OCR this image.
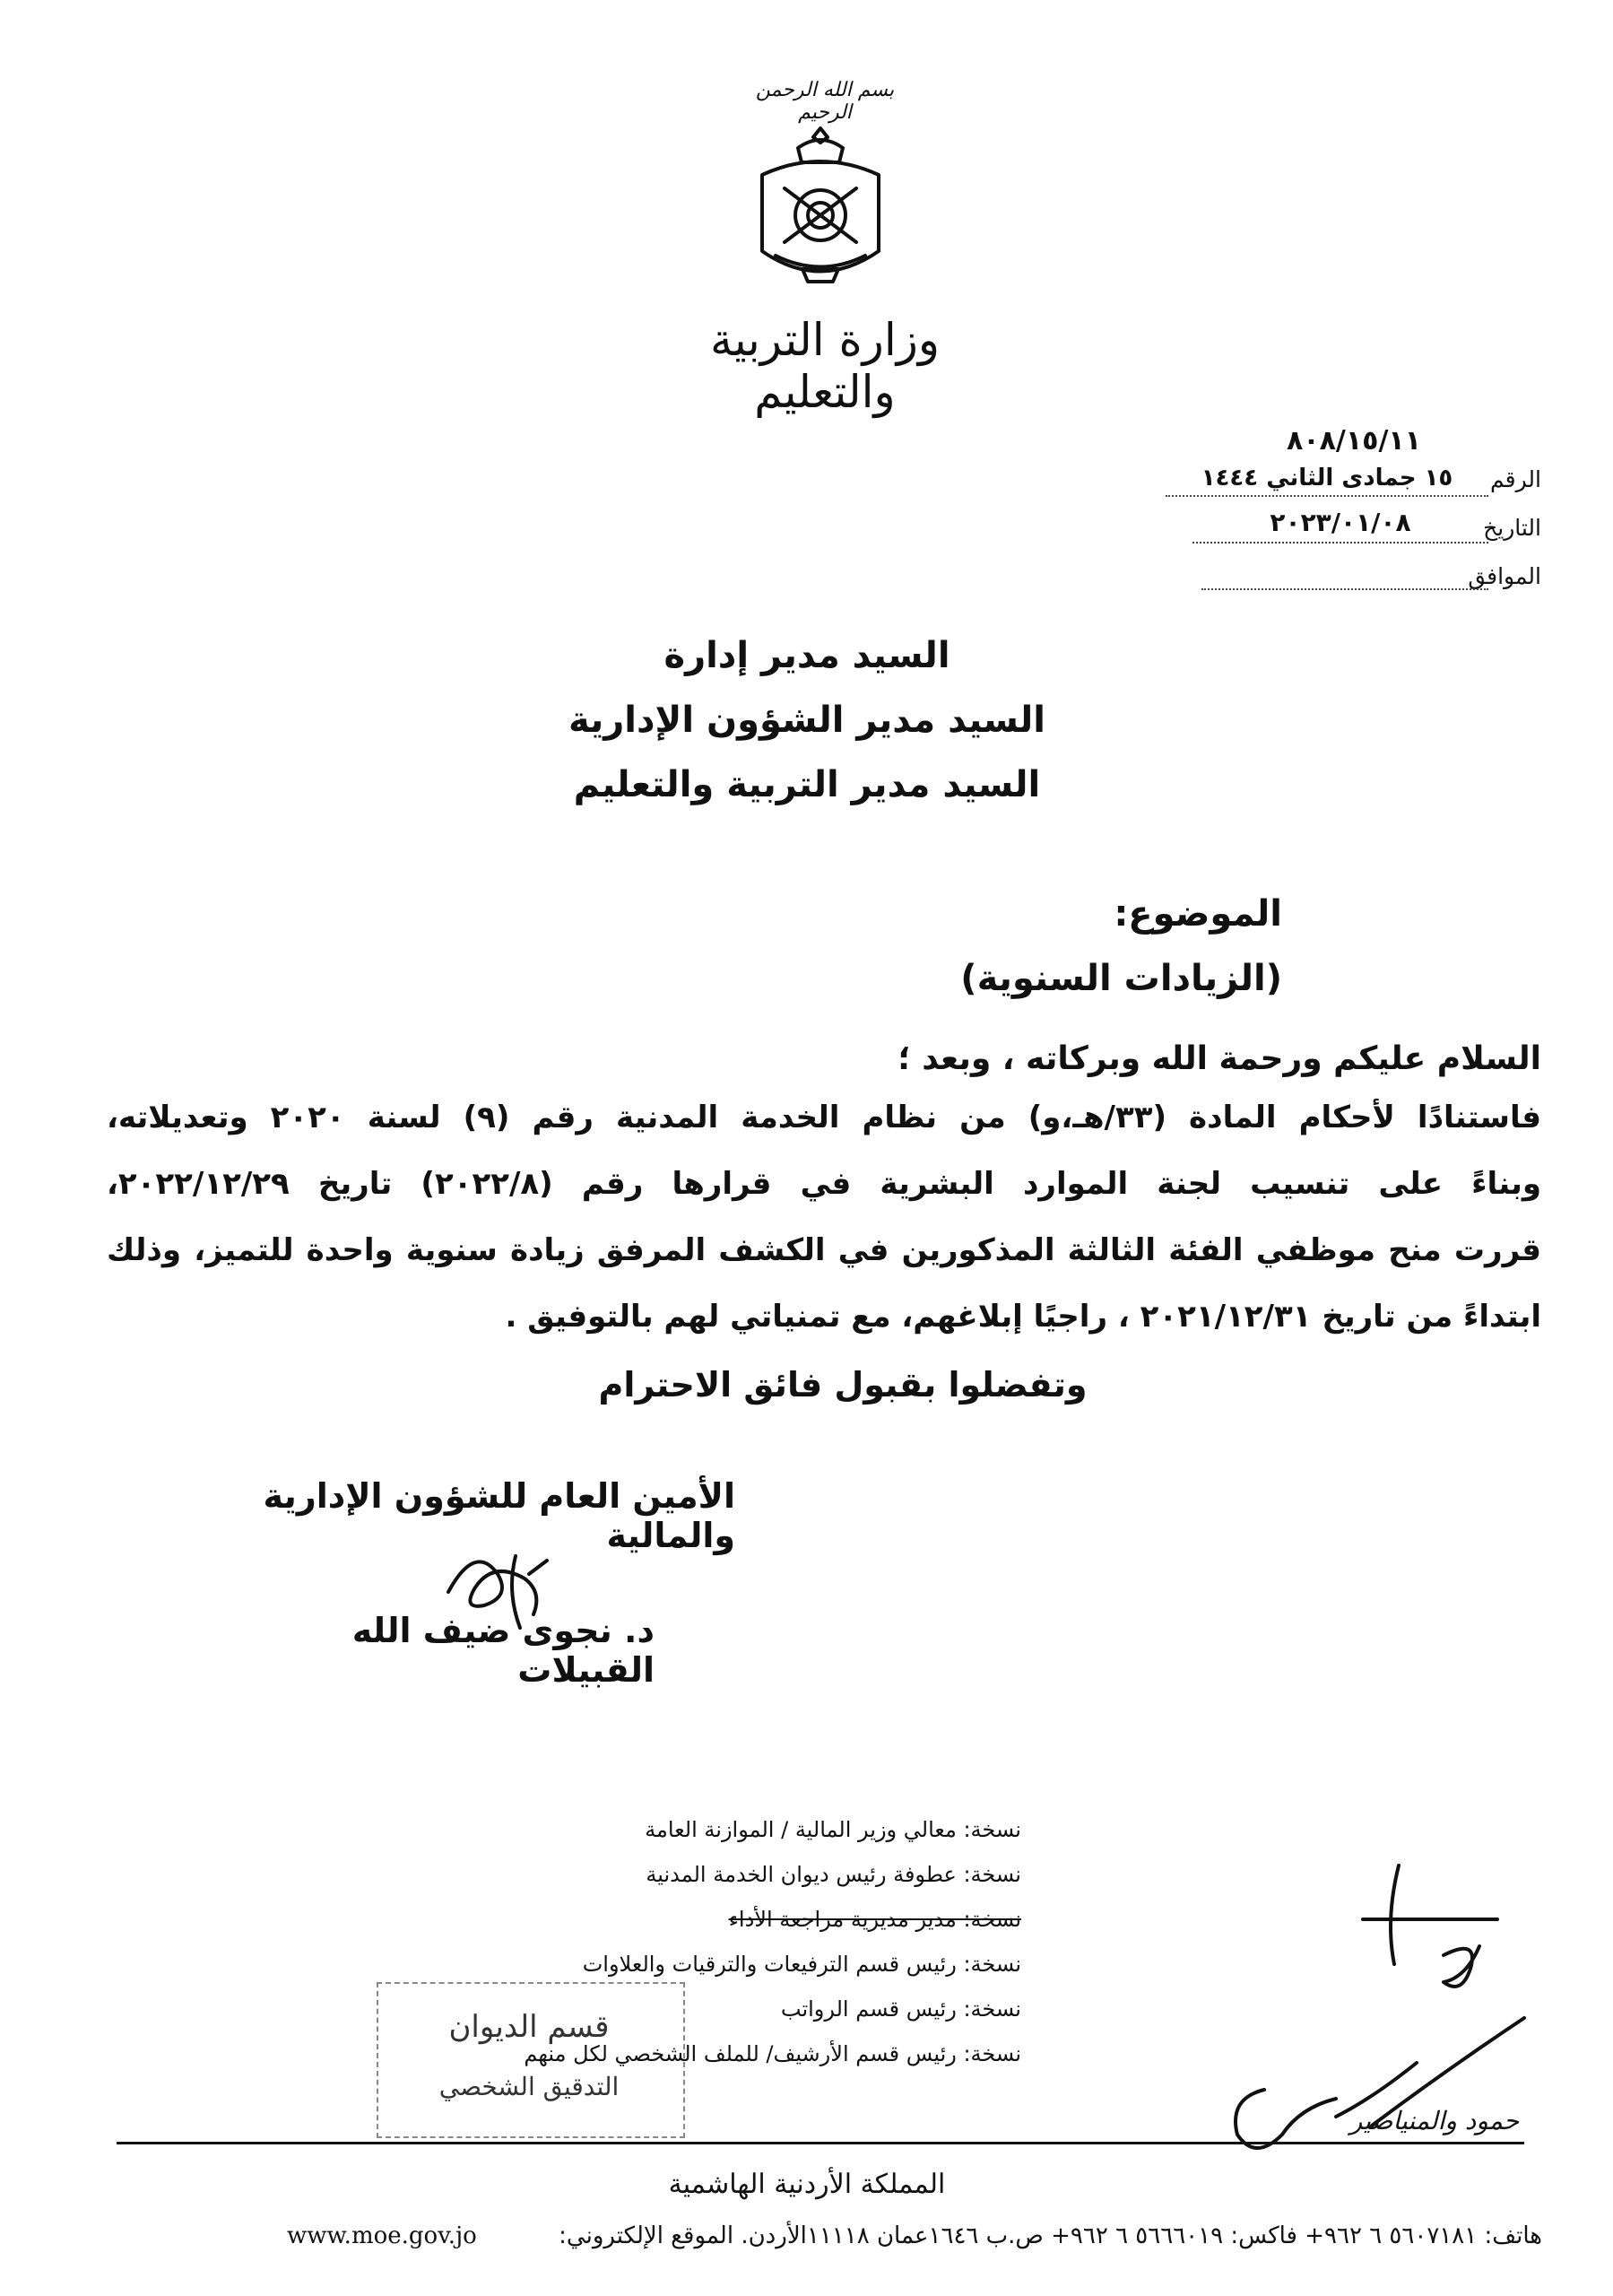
بسم الله الرحمن الرحيم
وزارة التربية والتعليم
٨٠٨/١٥/١١
الرقم
١٥ جمادى الثاني ١٤٤٤
التاريخ
٢٠٢٣/٠١/٠٨
الموافق
السيد مدير إدارة
السيد مدير الشؤون الإدارية
السيد مدير التربية والتعليم
الموضوع:
(الزيادات السنوية)
السلام عليكم ورحمة الله وبركاته ، وبعد ؛
فاستنادًا لأحكام المادة (٣٣/هـ،و) من نظام الخدمة المدنية رقم (٩) لسنة ٢٠٢٠ وتعديلاته،
وبناءً على تنسيب لجنة الموارد البشرية في قرارها رقم (٢٠٢٢/٨) تاريخ ٢٠٢٢/١٢/٢٩،
قررت منح موظفي الفئة الثالثة المذكورين في الكشف المرفق زيادة سنوية واحدة للتميز، وذلك
ابتداءً من تاريخ ٢٠٢١/١٢/٣١ ، راجيًا إبلاغهم، مع تمنياتي لهم بالتوفيق .
وتفضلوا بقبول فائق الاحترام
الأمين العام للشؤون الإدارية والمالية
د. نجوى ضيف الله القبيلات
نسخة: معالي وزير المالية / الموازنة العامة
نسخة: عطوفة رئيس ديوان الخدمة المدنية
نسخة: مدير مديرية مراجعة الأداء
نسخة: رئيس قسم الترفيعات والترقيات والعلاوات
نسخة: رئيس قسم الرواتب
نسخة: رئيس قسم الأرشيف/ للملف الشخصي لكل منهم
حمود والمنياصير
قسم الديوان
التدقيق الشخصي
المملكة الأردنية الهاشمية
هاتف: ٥٦٠٧١٨١ ٦ ٩٦٢+ فاكس: ٥٦٦٦٠١٩ ٦ ٩٦٢+ ص.ب ١٦٤٦عمان ١١١١٨الأردن. الموقع الإلكتروني:
www.moe.gov.jo
